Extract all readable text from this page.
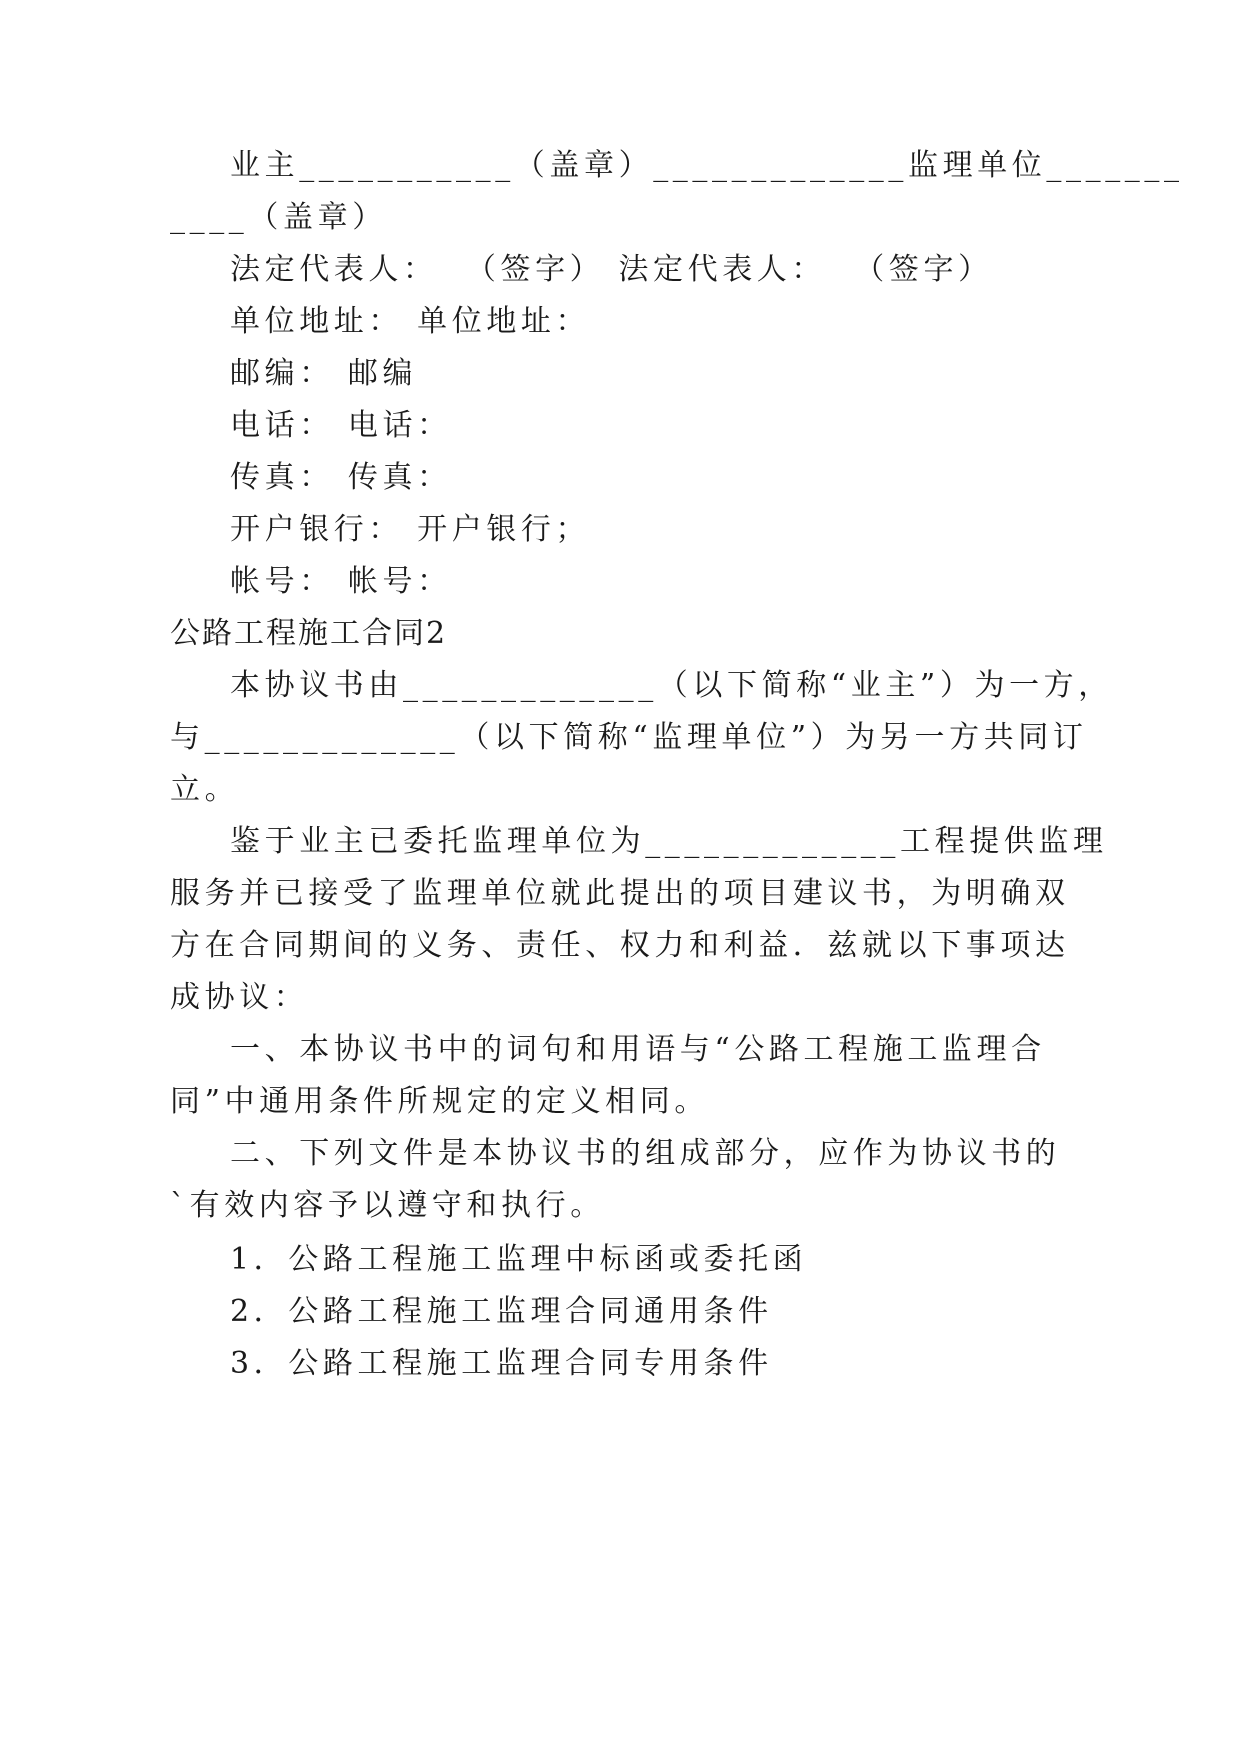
业主___________（盖章）_____________监理单位_______
____（盖章）
法定代表人：  （签字） 法定代表人：  （签字）
单位地址： 单位地址：
邮编： 邮编
电话： 电话：
传真： 传真：
开户银行： 开户银行；
帐号： 帐号：
公路工程施工合同2
本协议书由_____________（以下简称“业主”）为一方，
与_____________（以下简称“监理单位”）为另一方共同订
立。
鉴于业主已委托监理单位为_____________工程提供监理
服务并已接受了监理单位就此提出的项目建议书，为明确双
方在合同期间的义务、责任、权力和利益．兹就以下事项达
成协议：
一、本协议书中的词句和用语与“公路工程施工监理合
同”中通用条件所规定的定义相同。
二、下列文件是本协议书的组成部分，应作为协议书的
`有效内容予以遵守和执行。
1．公路工程施工监理中标函或委托函
2．公路工程施工监理合同通用条件
3．公路工程施工监理合同专用条件
